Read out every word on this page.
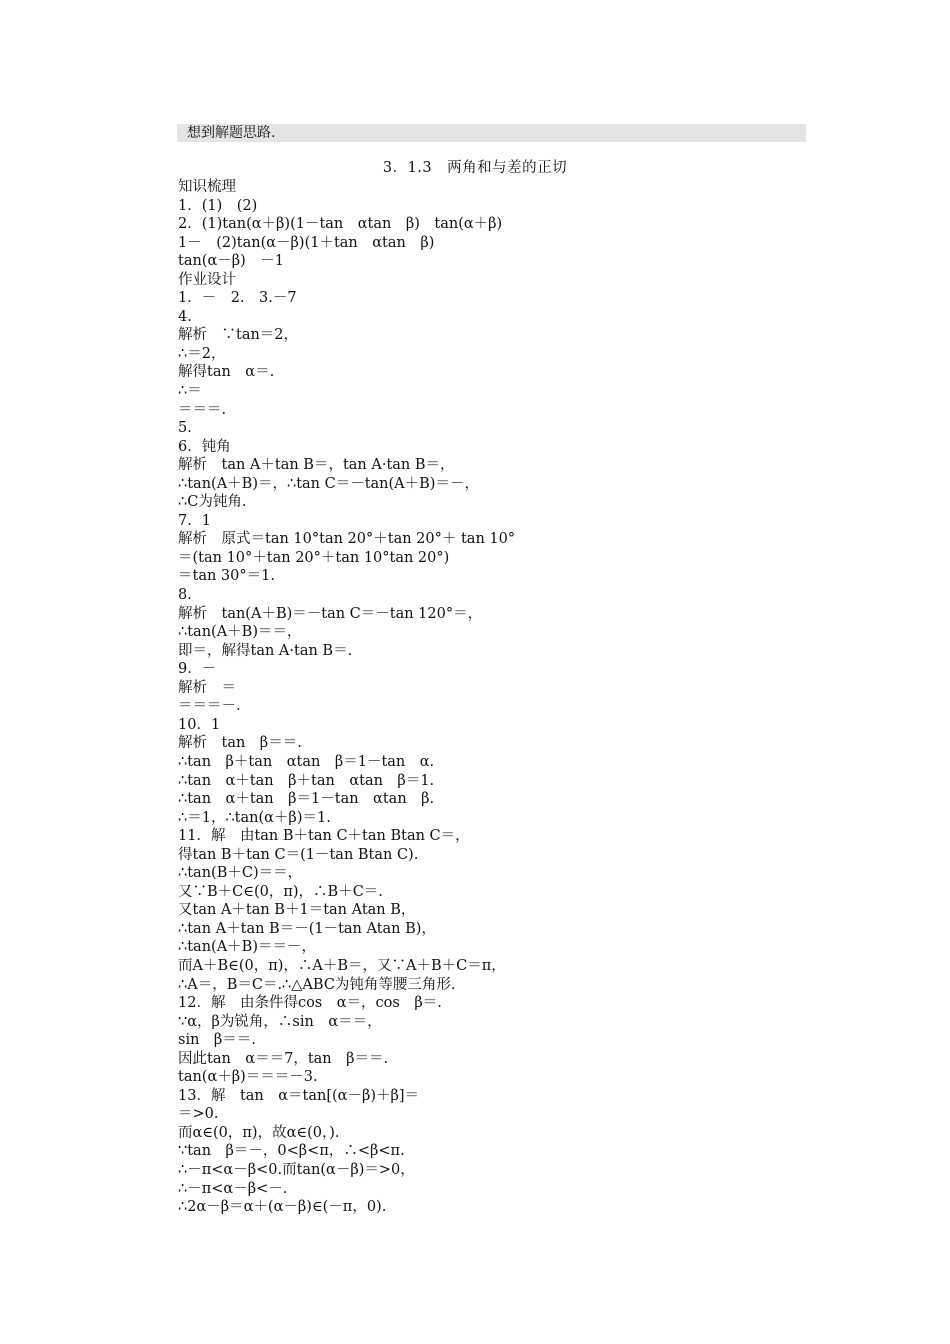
想到解题思路.
3．1.3　两角和与差的正切
知识梳理
1．(1)　(2)
2．(1)tan(α＋β)(1－tan　αtan　β)　tan(α＋β)
1－　(2)tan(α－β)(1＋tan　αtan　β)
tan(α－β)　－1
作业设计
1．－　2.　3.－7
4.
解析　∵tan＝2，
∴＝2，
解得tan　α＝.
∴＝
＝＝＝.
5.
6．钝角
解析　tan A＋tan B＝，tan A·tan B＝，
∴tan(A＋B)＝，∴tan C＝－tan(A＋B)＝－，
∴C为钝角.
7．1
解析　原式＝tan 10°tan 20°＋tan 20°＋ tan 10°
＝(tan 10°＋tan 20°＋tan 10°tan 20°)
＝tan 30°＝1.
8.
解析　tan(A＋B)＝－tan C＝－tan 120°＝，
∴tan(A＋B)＝＝，
即＝，解得tan A·tan B＝.
9．－
解析　＝
＝＝＝－.
10．1
解析　tan　β＝＝.
∴tan　β＋tan　αtan　β＝1－tan　α.
∴tan　α＋tan　β＋tan　αtan　β＝1.
∴tan　α＋tan　β＝1－tan　αtan　β.
∴＝1，∴tan(α＋β)＝1.
11．解　由tan B＋tan C＋tan Btan C＝，
得tan B＋tan C＝(1－tan Btan C).
∴tan(B＋C)＝＝，
又∵B＋C∈(0，π)，∴B＋C＝.
又tan A＋tan B＋1＝tan Atan B，
∴tan A＋tan B＝－(1－tan Atan B)，
∴tan(A＋B)＝＝－，
而A＋B∈(0，π)，∴A＋B＝，又∵A＋B＋C＝π，
∴A＝，B＝C＝.∴△ABC为钝角等腰三角形.
12．解　由条件得cos　α＝，cos　β＝.
∵α，β为锐角，∴sin　α＝＝，
sin　β＝＝.
因此tan　α＝＝7，tan　β＝＝.
tan(α＋β)＝＝＝－3.
13．解　tan　α＝tan[(α－β)＋β]＝
＝>0.
而α∈(0，π)，故α∈(0，).
∵tan　β＝－，0<β<π，∴<β<π.
∴－π<α－β<0.而tan(α－β)＝>0，
∴－π<α－β<－.
∴2α－β＝α＋(α－β)∈(－π，0).
